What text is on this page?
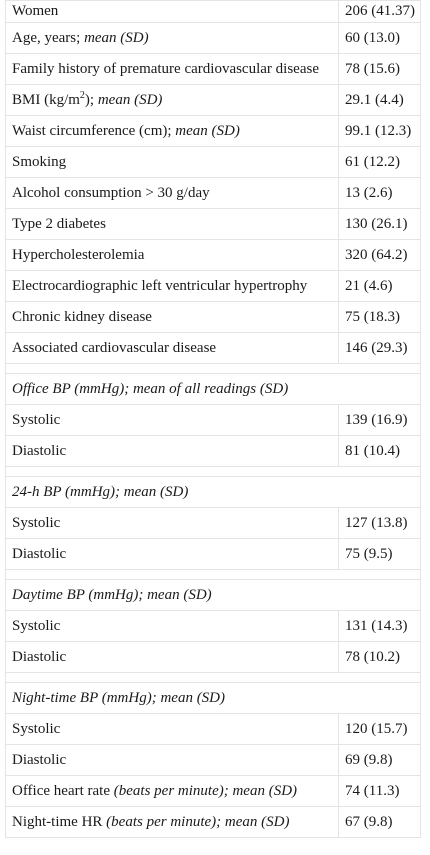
Women	206 (41.37)
Age, years; mean (SD)	60 (13.0)
Family history of premature cardiovascular disease	78 (15.6)
BMI $(kg/m^2)$; mean (SD)	29.1 (4.4)
Waist circumference (cm); mean (SD)	99.1 (12.3)
Smoking	61 (12.2)
Alcohol consumption > 30 g/day	13 (2.6)
Type 2 diabetes	130 (26.1)
Hypercholesterolemia	320 (64.2)
Electrocardiographic left ventricular hypertrophy	21 (4.6)
Chronic kidney disease	75 (18.3)
Associated cardiovascular disease	146 (29.3)

Office BP (mmHg); mean of all readings (SD)	
Systolic	139 (16.9)
Diastolic	81 (10.4)

24-h BP (mmHg); mean (SD)	
Systolic	127 (13.8)
Diastolic	75 (9.5)

Daytime BP (mmHg); mean (SD)	
Systolic	131 (14.3)
Diastolic	78 (10.2)

Night-time BP (mmHg); mean (SD)	
Systolic	120 (15.7)
Diastolic	69 (9.8)
Office heart rate (beats per minute); mean (SD)	74 (11.3)
Night-time HR (beats per minute); mean (SD)	67 (9.8)
